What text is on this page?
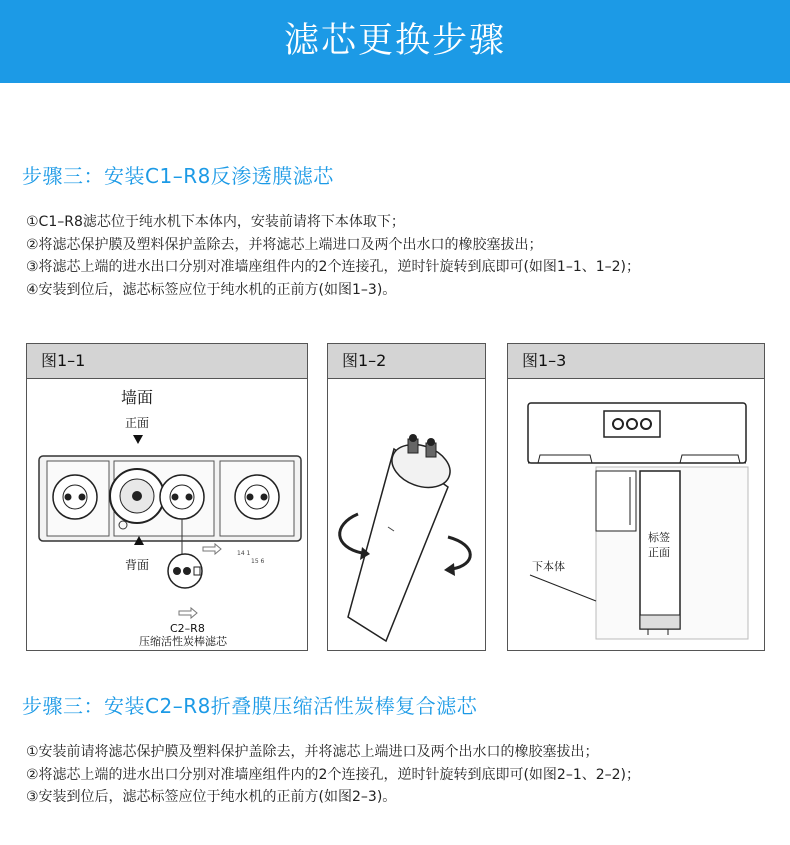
滤芯更换步骤
步骤三：安装C1–R8反渗透膜滤芯
①C1–R8滤芯位于纯水机下本体内，安装前请将下本体取下；
②将滤芯保护膜及塑料保护盖除去，并将滤芯上端进口及两个出水口的橡胶塞拔出；
③将滤芯上端的进水出口分别对准墙座组件内的2个连接孔，逆时针旋转到底即可(如图1–1、1–2)；
④安装到位后，滤芯标签应位于纯水机的正前方(如图1–3)。
图1–1
墙面
正面
14 1
15 6
背面
C2–R8
压缩活性炭棒滤芯
图1–2	图1–3
标签
正面
下本体
步骤三：安装C2–R8折叠膜压缩活性炭棒复合滤芯
①安装前请将滤芯保护膜及塑料保护盖除去，并将滤芯上端进口及两个出水口的橡胶塞拔出；
②将滤芯上端的进水出口分别对准墙座组件内的2个连接孔，逆时针旋转到底即可(如图2–1、2–2)；
③安装到位后，滤芯标签应位于纯水机的正前方(如图2–3)。
